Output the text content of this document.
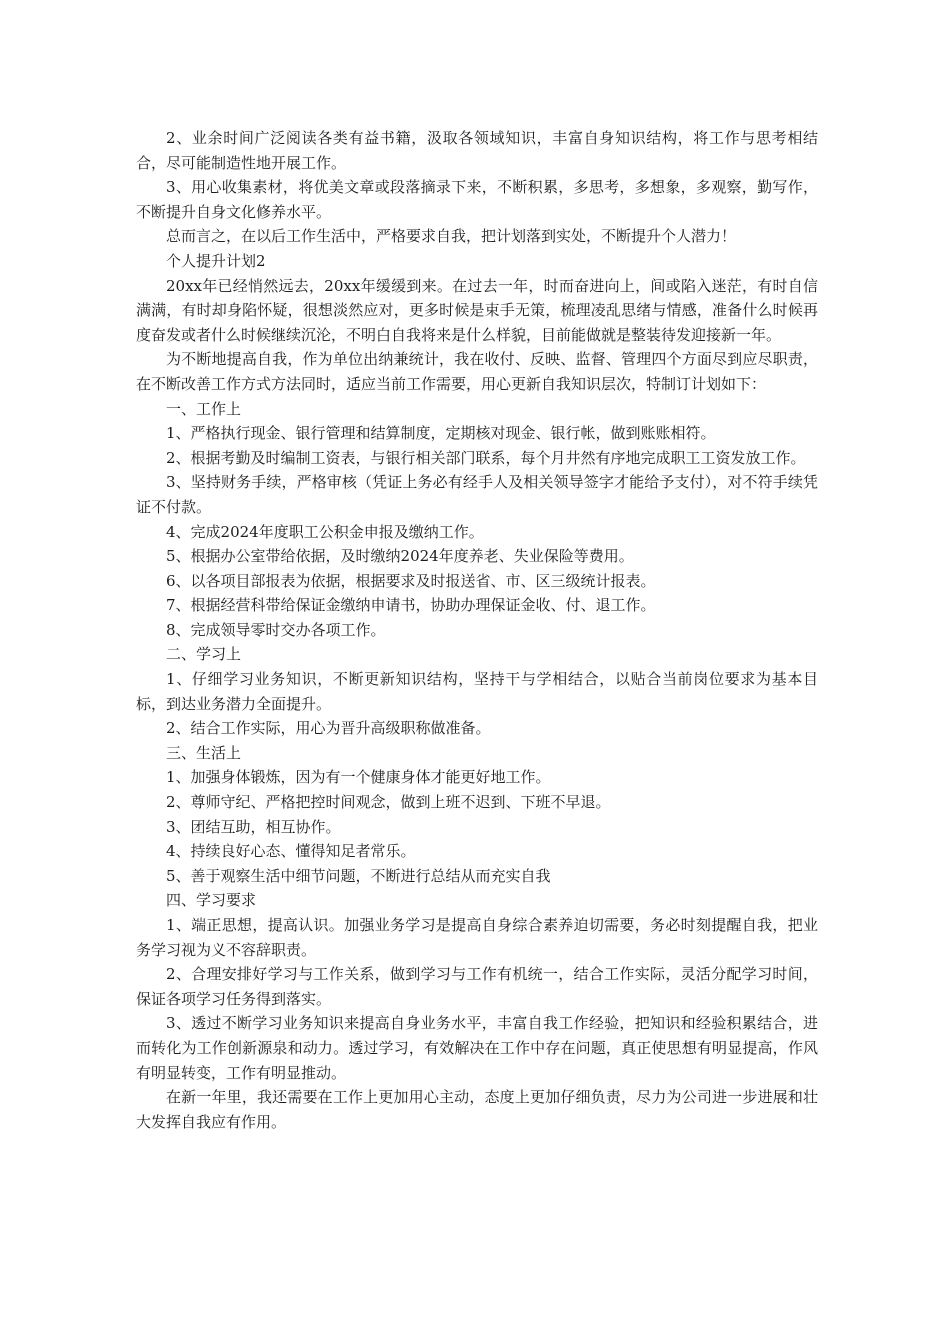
2、业余时间广泛阅读各类有益书籍，汲取各领域知识，丰富自身知识结构，将工作与思考相结合，尽可能制造性地开展工作。

3、用心收集素材，将优美文章或段落摘录下来，不断积累，多思考，多想象，多观察，勤写作，不断提升自身文化修养水平。

总而言之，在以后工作生活中，严格要求自我，把计划落到实处，不断提升个人潜力！

个人提升计划2

20xx年已经悄然远去，20xx年缓缓到来。在过去一年，时而奋进向上，间或陷入迷茫，有时自信满满，有时却身陷怀疑，很想淡然应对，更多时候是束手无策，梳理凌乱思绪与情感，准备什么时候再度奋发或者什么时候继续沉沦，不明白自我将来是什么样貌，目前能做就是整装待发迎接新一年。

为不断地提高自我，作为单位出纳兼统计，我在收付、反映、监督、管理四个方面尽到应尽职责，在不断改善工作方式方法同时，适应当前工作需要，用心更新自我知识层次，特制订计划如下：

一、工作上

1、严格执行现金、银行管理和结算制度，定期核对现金、银行帐，做到账账相符。

2、根据考勤及时编制工资表，与银行相关部门联系，每个月井然有序地完成职工工资发放工作。

3、坚持财务手续，严格审核（凭证上务必有经手人及相关领导签字才能给予支付），对不符手续凭证不付款。

4、完成2024年度职工公积金申报及缴纳工作。

5、根据办公室带给依据，及时缴纳2024年度养老、失业保险等费用。

6、以各项目部报表为依据，根据要求及时报送省、市、区三级统计报表。

7、根据经营科带给保证金缴纳申请书，协助办理保证金收、付、退工作。

8、完成领导零时交办各项工作。

二、学习上

1、仔细学习业务知识，不断更新知识结构，坚持干与学相结合，以贴合当前岗位要求为基本目标，到达业务潜力全面提升。

2、结合工作实际，用心为晋升高级职称做准备。

三、生活上

1、加强身体锻炼，因为有一个健康身体才能更好地工作。

2、尊师守纪、严格把控时间观念，做到上班不迟到、下班不早退。

3、团结互助，相互协作。

4、持续良好心态、懂得知足者常乐。

5、善于观察生活中细节问题，不断进行总结从而充实自我

四、学习要求

1、端正思想，提高认识。加强业务学习是提高自身综合素养迫切需要，务必时刻提醒自我，把业务学习视为义不容辞职责。

2、合理安排好学习与工作关系，做到学习与工作有机统一，结合工作实际，灵活分配学习时间，保证各项学习任务得到落实。

3、透过不断学习业务知识来提高自身业务水平，丰富自我工作经验，把知识和经验积累结合，进而转化为工作创新源泉和动力。透过学习，有效解决在工作中存在问题，真正使思想有明显提高，作风有明显转变，工作有明显推动。

在新一年里，我还需要在工作上更加用心主动，态度上更加仔细负责，尽力为公司进一步进展和壮大发挥自我应有作用。
